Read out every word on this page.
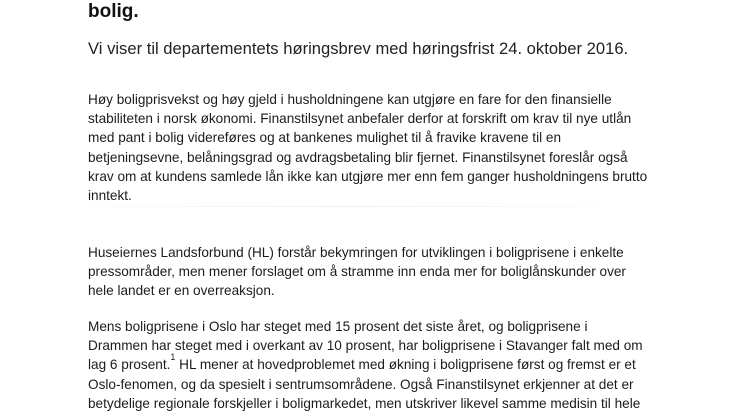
bolig.

Vi viser til departementets høringsbrev med høringsfrist 24. oktober 2016.

Høy boligprisvekst og høy gjeld i husholdningene kan utgjøre en fare for den finansielle
stabiliteten i norsk økonomi. Finanstilsynet anbefaler derfor at forskrift om krav til nye utlån
med pant i bolig videreføres og at bankenes mulighet til å fravike kravene til en
betjeningsevne, belåningsgrad og avdragsbetaling blir fjernet. Finanstilsynet foreslår også
krav om at kundens samlede lån ikke kan utgjøre mer enn fem ganger husholdningens brutto
inntekt.
Huseiernes Landsforbund (HL) forstår bekymringen for utviklingen i boligprisene i enkelte
pressområder, men mener forslaget om å stramme inn enda mer for boliglånskunder over
hele landet er en overreaksjon.
Mens boligprisene i Oslo har steget med 15 prosent det siste året, og boligprisene i
Drammen har steget med i overkant av 10 prosent, har boligprisene i Stavanger falt med om
lag 6 prosent.$^1$ HL mener at hovedproblemet med økning i boligprisene først og fremst er et
Oslo-fenomen, og da spesielt i sentrumsområdene. Også Finanstilsynet erkjenner at det er
betydelige regionale forskjeller i boligmarkedet, men utskriver likevel samme medisin til hele
